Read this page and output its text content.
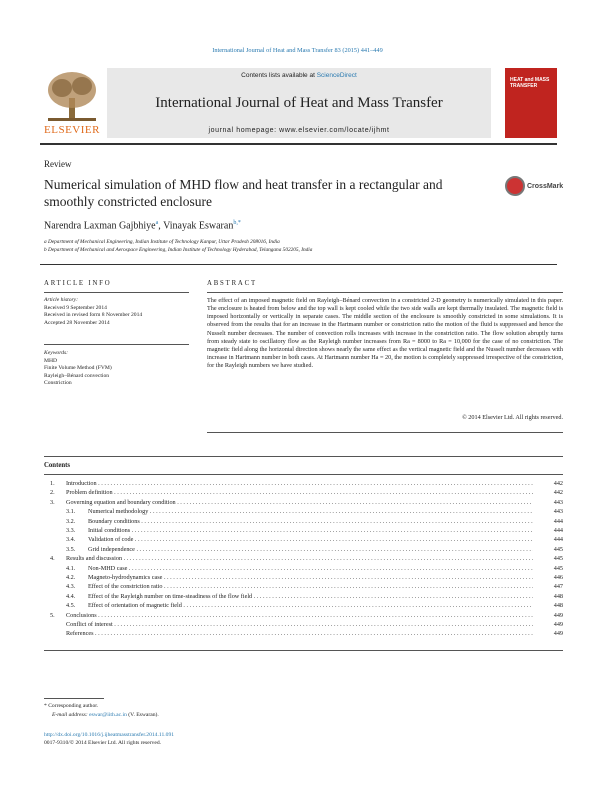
International Journal of Heat and Mass Transfer 83 (2015) 441–449
ELSEVIER
Contents lists available at ScienceDirect
International Journal of Heat and Mass Transfer
journal homepage: www.elsevier.com/locate/ijhmt
HEAT and MASS TRANSFER
Review
Numerical simulation of MHD flow and heat transfer in a rectangular and smoothly constricted enclosure
CrossMark
Narendra Laxman Gajbhiye$^a$, Vinayak Eswaran$^{b,*}$
a Department of Mechanical Engineering, Indian Institute of Technology Kanpur, Uttar Pradesh 208016, India
b Department of Mechanical and Aerospace Engineering, Indian Institute of Technology Hyderabad, Telangana 502205, India
ARTICLE INFO	ABSTRACT
Article history:
Received 9 September 2014
Received in revised form 8 November 2014
Accepted 28 November 2014
Keywords:
MHD
Finite Volume Method (FVM)
Rayleigh–Bénard convection
Constriction
The effect of an imposed magnetic field on Rayleigh–Bénard convection in a constricted 2-D geometry is numerically simulated in this paper. The enclosure is heated from below and the top wall is kept cooled while the two side walls are kept thermally insulated. The magnetic field is imposed horizontally or vertically in separate cases. The middle section of the enclosure is smoothly constricted in some simulations. It is observed from the results that for an increase in the Hartmann number or constriction ratio the motion of the fluid is suppressed and hence the Nusselt number decreases. The number of convection rolls increases with increase in the constriction ratio. The flow solution abruptly turns from steady state to oscillatory flow as the Rayleigh number increases from Ra = 8000 to Ra = 10,000 for the case of no constriction. The magnetic field along the horizontal direction shows nearly the same effect as the vertical magnetic field and the Nusselt number decreases with increase in Hartmann number in both cases. At Hartmann number Ha = 20, the motion is completely suppressed irrespective of the constriction, for the Rayleigh numbers we have studied.
© 2014 Elsevier Ltd. All rights reserved.
Contents
1. Introduction . . .	442
2. Problem definition . . .	442
3. Governing equation and boundary condition . . .	443
3.1. Numerical methodology . . .	443
3.2. Boundary conditions . . .	444
3.3. Initial conditions . . .	444
3.4. Validation of code . . .	444
3.5. Grid independence . . .	445
4. Results and discussion . . .	445
4.1. Non-MHD case . . .	445
4.2. Magneto-hydrodynamics case . . .	446
4.3. Effect of the constriction ratio . . .	447
4.4. Effect of the Rayleigh number on time-steadiness of the flow field . . .	448
4.5. Effect of orientation of magnetic field . . .	448
5. Conclusions . . .	449
Conflict of interest . . .	449
References . . .	449
* Corresponding author.
E-mail address: eswar@iith.ac.in (V. Eswaran).
http://dx.doi.org/10.1016/j.ijheatmasstransfer.2014.11.091
0017-9310/© 2014 Elsevier Ltd. All rights reserved.
